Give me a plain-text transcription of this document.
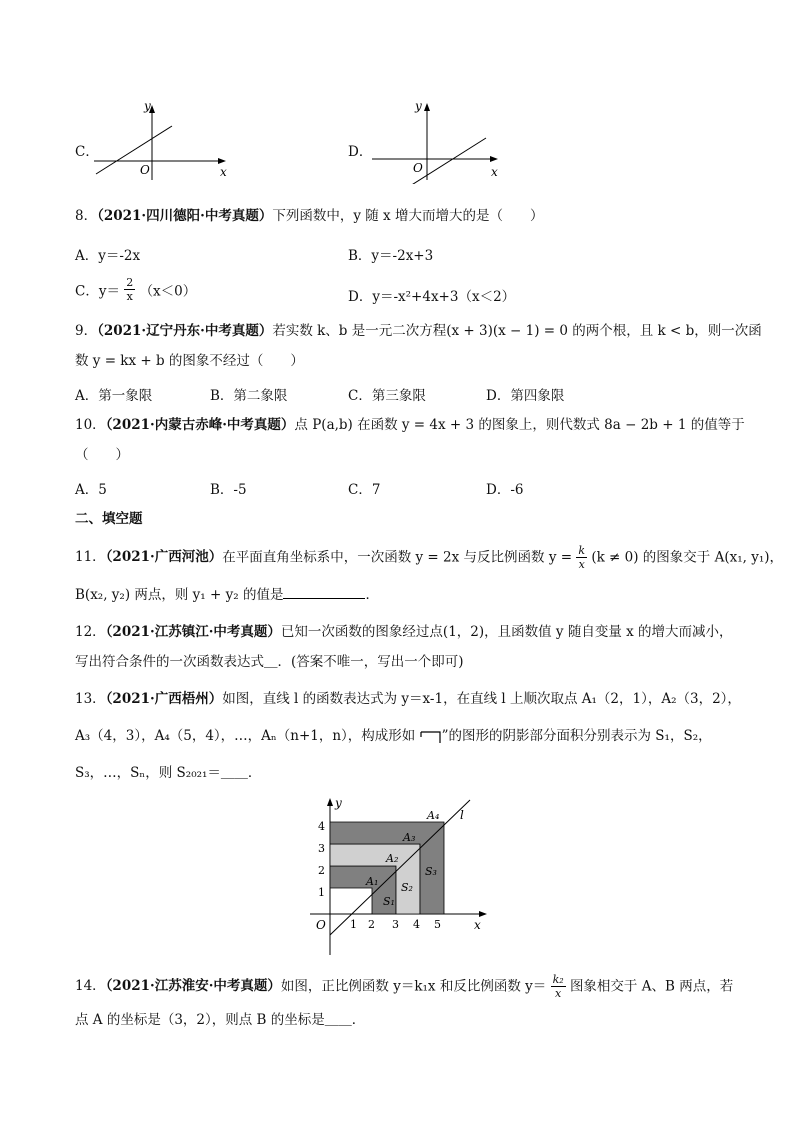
C．
y
x
O
D．
y
x
O
8．（2021·四川德阳·中考真题）下列函数中，y 随 x 增大而增大的是（　　）
A．y＝-2x	B．y＝-2x+3
C．$y= \frac{2}{x} (x<0)$	D．y＝-x²+4x+3（x＜2）
9．（2021·辽宁丹东·中考真题）若实数 k、b 是一元二次方程(x + 3)(x − 1) = 0 的两个根，且 k < b，则一次函
数 y = kx + b 的图象不经过（　　）
A．第一象限	B．第二象限	C．第三象限	D．第四象限
10．（2021·内蒙古赤峰·中考真题）点 P(a,b) 在函数 y = 4x + 3 的图象上，则代数式 8a − 2b + 1 的值等于
（　　）
A．5	B．-5	C．7	D．-6
二、填空题
11．（2021·广西河池）在平面直角坐标系中，一次函数 y = 2x 与反比例函数 $y = \frac{k}{x} (k \ne 0)$ 的图象交于 A(x₁, y₁)，
B(x₂, y₂) 两点，则 y₁ + y₂ 的值是	．
12．（2021·江苏镇江·中考真题）已知一次函数的图象经过点(1，2)，且函数值 y 随自变量 x 的增大而减小，
写出符合条件的一次函数表达式＿．(答案不唯一，写出一个即可)
13．（2021·广西梧州）如图，直线 l 的函数表达式为 y＝x-1，在直线 l 上顺次取点 A₁（2，1），A₂（3，2），
A₃（4，3），A₄（5，4），…，Aₙ（n+1，n），构成形如 ”的图形的阴影部分面积分别表示为 S₁，S₂，
S₃，…，Sₙ，则 S₂₀₂₁＝＿＿．
y
x
O
l
1 2 3 4 5
1
2
3
4
A₁
A₂
A₃
A₄
S₁
S₂
S₃
14．（2021·江苏淮安·中考真题）如图，正比例函数 y＝k₁x 和反比例函数 $y= \frac{\text{k₂}}{x}$ 图象相交于 A、B 两点，若
点 A 的坐标是（3，2），则点 B 的坐标是＿＿．
